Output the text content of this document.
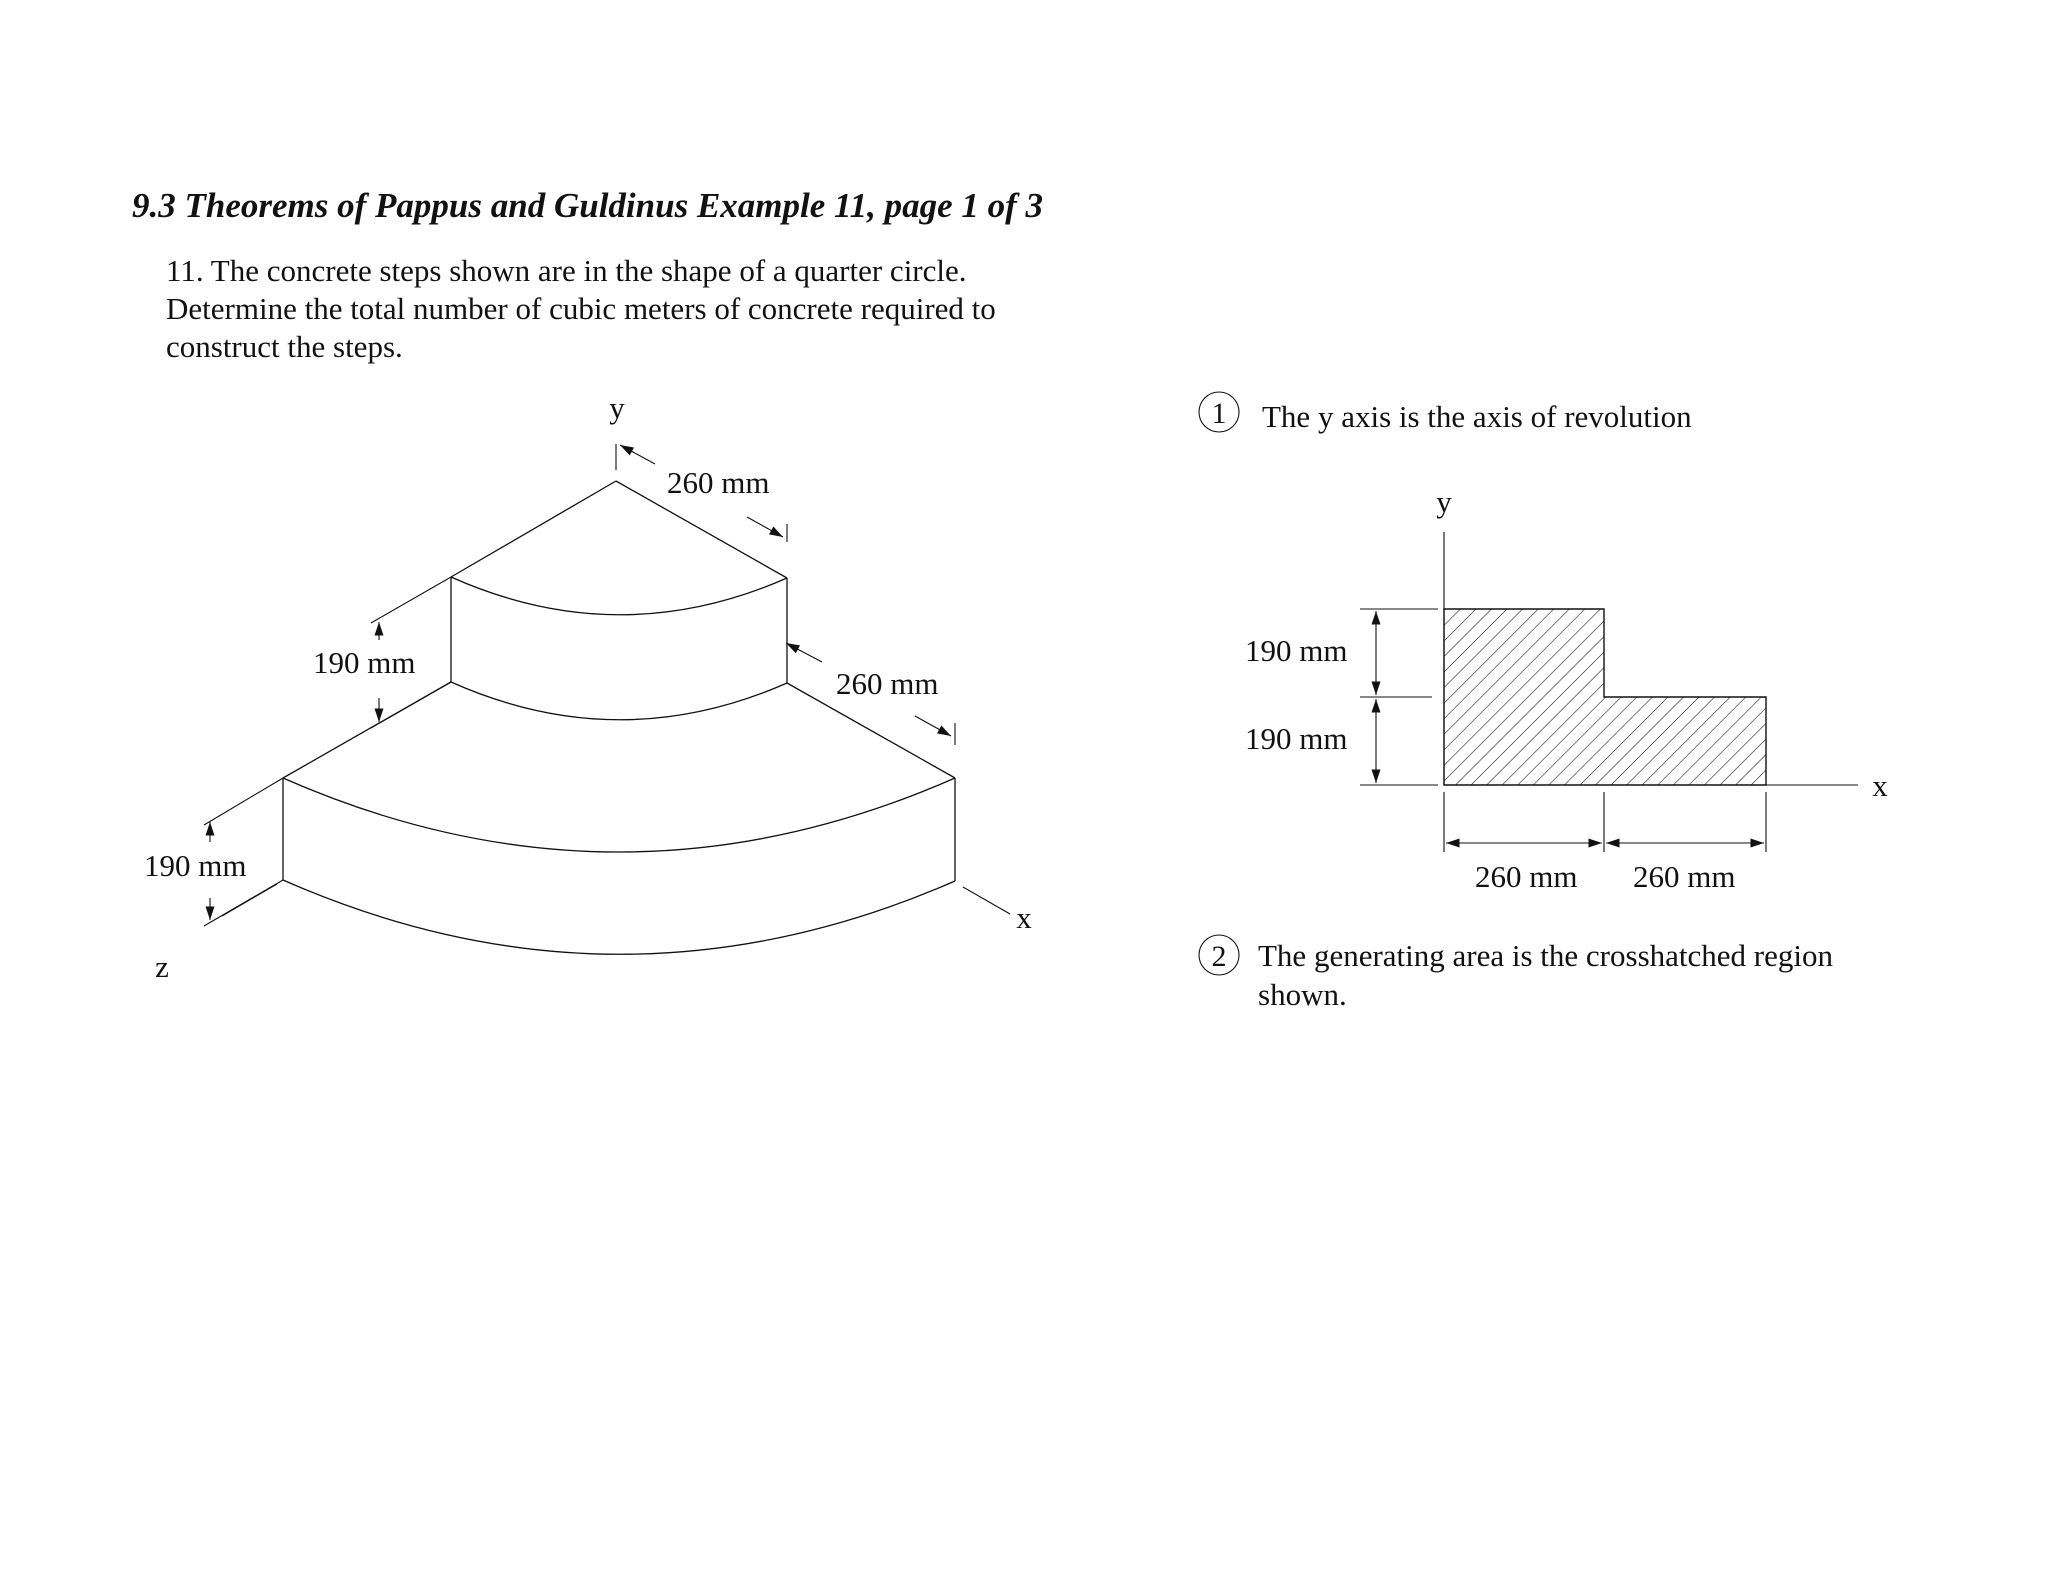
9.3 Theorems of Pappus and Guldinus Example 11, page 1 of 3
11. The concrete steps shown are in the shape of a quarter circle.
Determine the total number of cubic meters of concrete required to
construct the steps.
y
260 mm
260 mm
190 mm
190 mm
x
z
1 The y axis is the axis of revolution
y
x
190 mm
190 mm
260 mm 260 mm
2 The generating area is the crosshatched region
shown.
